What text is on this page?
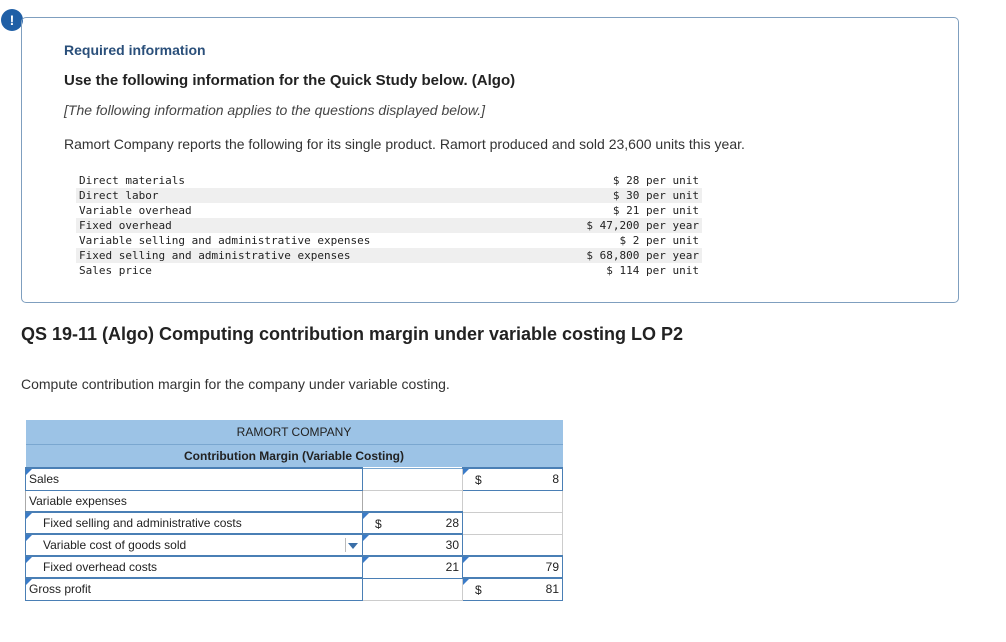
!
Required information
Use the following information for the Quick Study below. (Algo)
[The following information applies to the questions displayed below.]
Ramort Company reports the following for its single product. Ramort produced and sold 23,600 units this year.
Direct materials	$ 28 per unit
Direct labor	$ 30 per unit
Variable overhead	$ 21 per unit
Fixed overhead	$ 47,200 per year
Variable selling and administrative expenses	$ 2 per unit
Fixed selling and administrative expenses	$ 68,800 per year
Sales price	$ 114 per unit
QS 19-11 (Algo) Computing contribution margin under variable costing LO P2
Compute contribution margin for the company under variable costing.
RAMORT COMPANY		
Contribution Margin (Variable Costing)		

Sales		$ 8
Variable expenses		

Fixed selling and administrative costs	$ 28	

Variable cost of goods sold	30	

Fixed overhead costs	21	79

Gross profit		$ 81
